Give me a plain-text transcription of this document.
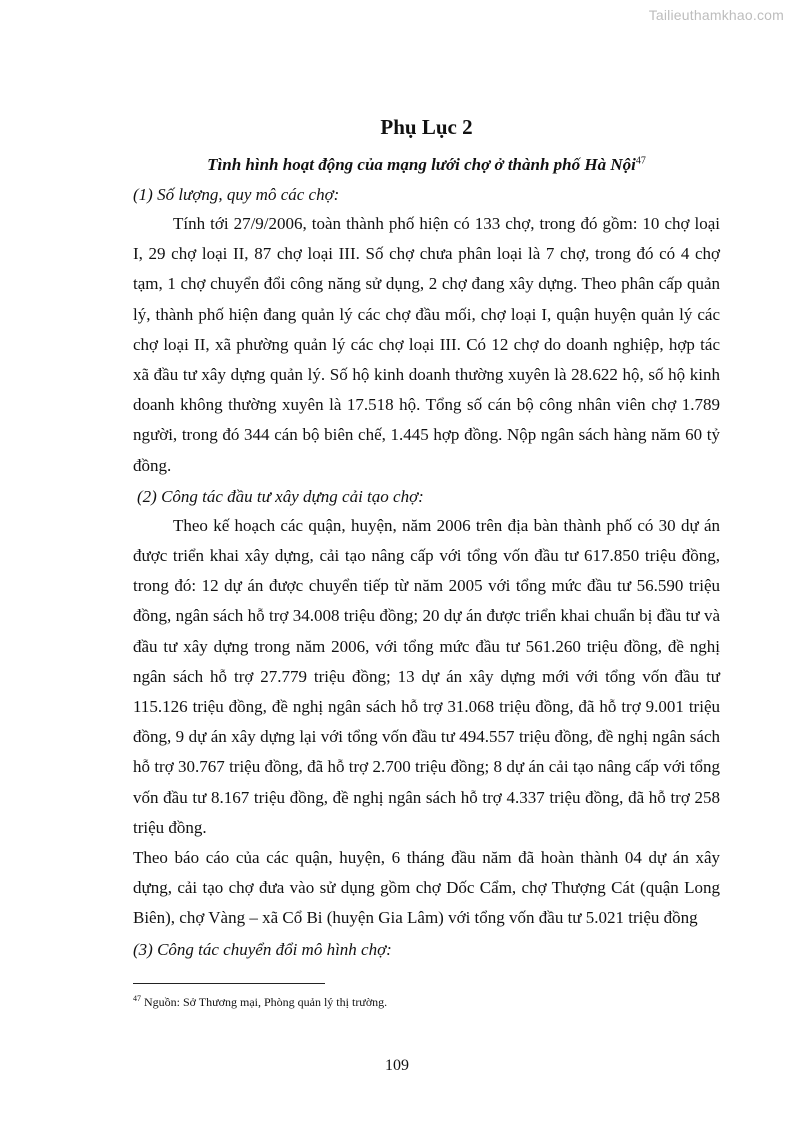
Tailieuthamkhao.com
Phụ Lục 2

Tình hình hoạt động của mạng lưới chợ ở thành phố Hà Nội$^{47}$

(1) Số lượng, quy mô các chợ:

Tính tới 27/9/2006, toàn thành phố hiện có 133 chợ, trong đó gồm: 10 chợ loại I, 29 chợ loại II, 87 chợ loại III. Số chợ chưa phân loại là 7 chợ, trong đó có 4 chợ tạm, 1 chợ chuyển đổi công năng sử dụng, 2 chợ đang xây dựng. Theo phân cấp quản lý, thành phố hiện đang quản lý các chợ đầu mối, chợ loại I, quận huyện quản lý các chợ loại II, xã phường quản lý các chợ loại III. Có 12 chợ do doanh nghiệp, hợp tác xã đầu tư xây dựng quản lý. Số hộ kinh doanh thường xuyên là 28.622 hộ, số hộ kinh doanh không thường xuyên là 17.518 hộ. Tổng số cán bộ công nhân viên chợ 1.789 người, trong đó 344 cán bộ biên chế, 1.445 hợp đồng. Nộp ngân sách hàng năm 60 tỷ đồng.

(2) Công tác đầu tư xây dựng cải tạo chợ:

Theo kế hoạch các quận, huyện, năm 2006 trên địa bàn thành phố có 30 dự án được triển khai xây dựng, cải tạo nâng cấp với tổng vốn đầu tư 617.850 triệu đồng, trong đó: 12 dự án được chuyển tiếp từ năm 2005 với tổng mức đầu tư 56.590 triệu đồng, ngân sách hỗ trợ 34.008 triệu đồng; 20 dự án được triển khai chuẩn bị đầu tư và đầu tư xây dựng trong năm 2006, với tổng mức đầu tư 561.260 triệu đồng, đề nghị ngân sách hỗ trợ 27.779 triệu đồng; 13 dự án xây dựng mới với tổng vốn đầu tư 115.126 triệu đồng, đề nghị ngân sách hỗ trợ 31.068 triệu đồng, đã hỗ trợ 9.001 triệu đồng, 9 dự án xây dựng lại với tổng vốn đầu tư 494.557 triệu đồng, đề nghị ngân sách hỗ trợ 30.767 triệu đồng, đã hỗ trợ 2.700 triệu đồng; 8 dự án cải tạo nâng cấp với tổng vốn đầu tư 8.167 triệu đồng, đề nghị ngân sách hỗ trợ 4.337 triệu đồng, đã hỗ trợ 258 triệu đồng.

Theo báo cáo của các quận, huyện, 6 tháng đầu năm đã hoàn thành 04 dự án xây dựng, cải tạo chợ đưa vào sử dụng gồm chợ Dốc Cẩm, chợ Thượng Cát (quận Long Biên), chợ Vàng – xã Cổ Bi (huyện Gia Lâm) với tổng vốn đầu tư 5.021 triệu đồng

(3) Công tác chuyển đổi mô hình chợ:

$^{47}$ Nguồn: Sở Thương mại, Phòng quản lý thị trường.
109
